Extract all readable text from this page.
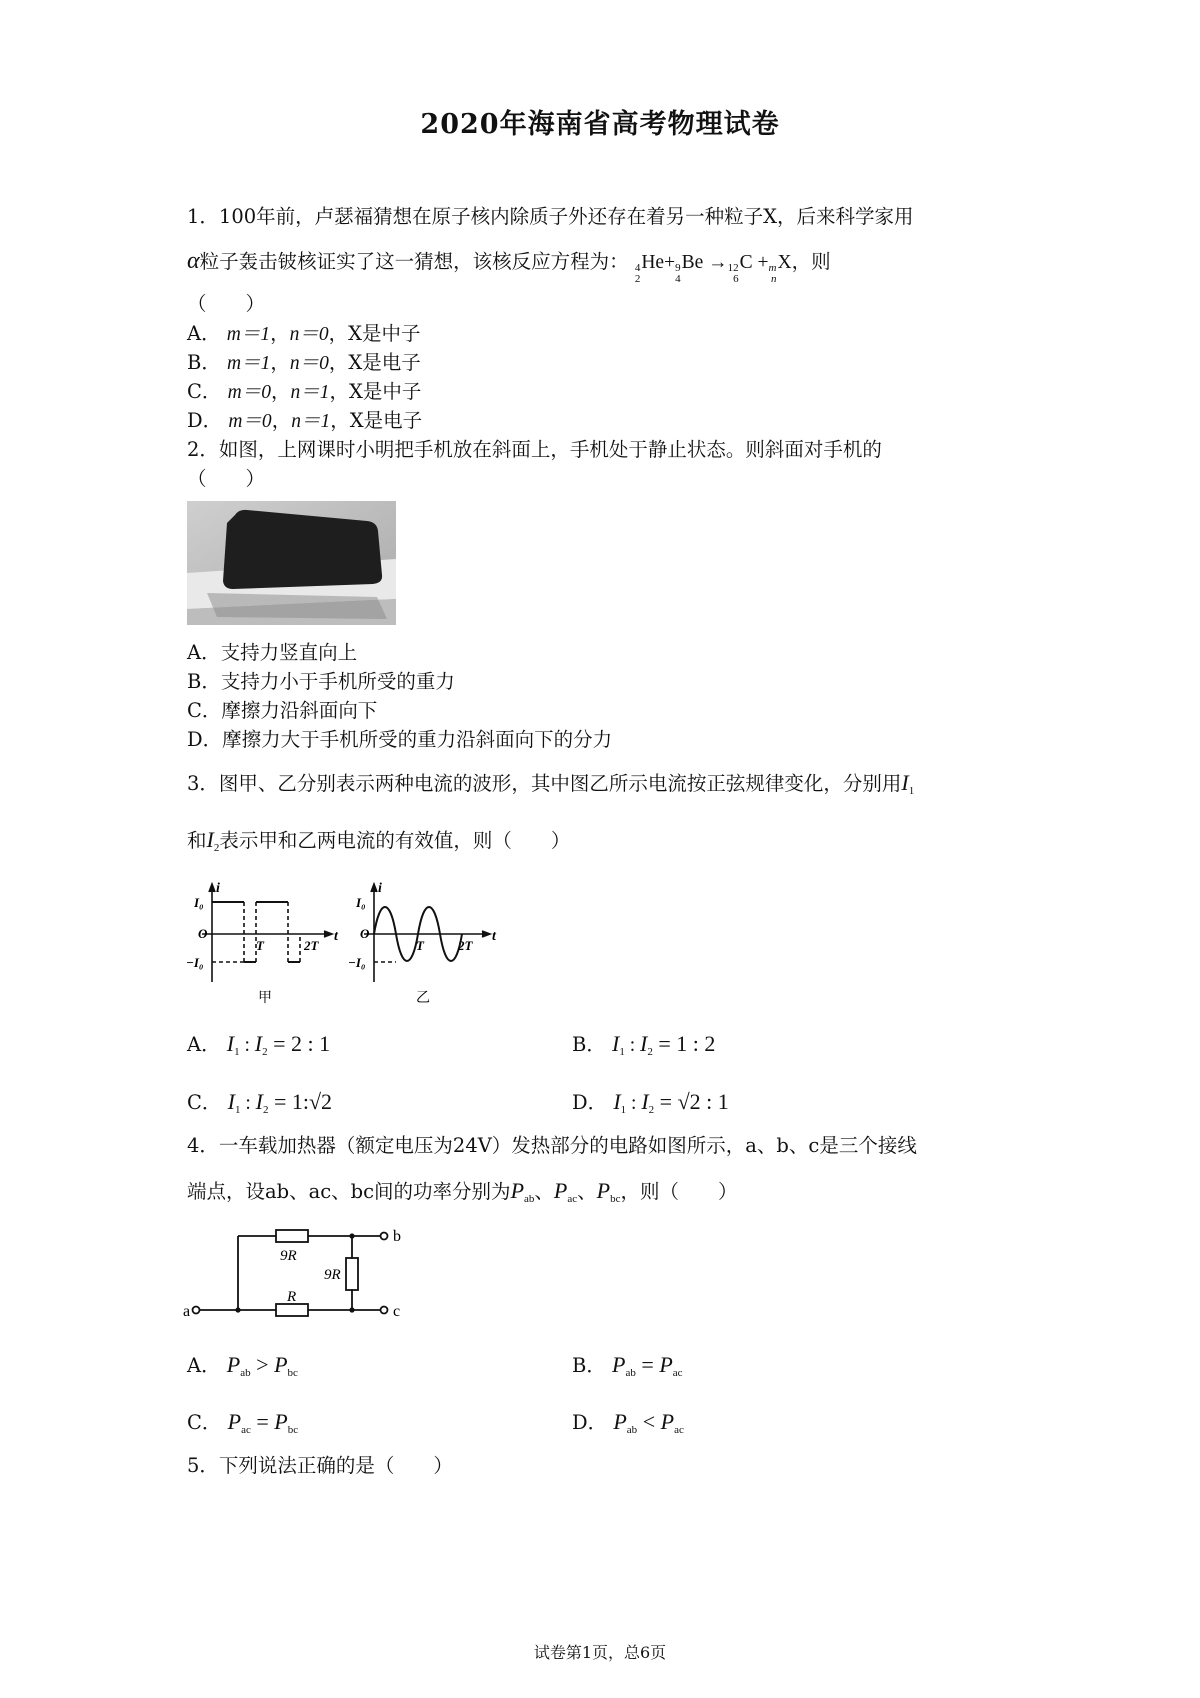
2020年海南省高考物理试卷
1．100年前，卢瑟福猜想在原子核内除质子外还存在着另一种粒子X，后来科学家用
α粒子轰击铍核证实了这一猜想，该核反应方程为： 4
2
He+ 9
4
Be → 12
6
C + m
n
X，则
（　　）
A． m＝1，n＝0，X是中子
B． m＝1，n＝0，X是电子
C． m＝0，n＝1，X是中子
D． m＝0，n＝1，X是电子
2．如图，上网课时小明把手机放在斜面上，手机处于静止状态。则斜面对手机的
（　　）
A．支持力竖直向上
B．支持力小于手机所受的重力
C．摩擦力沿斜面向下
D．摩擦力大于手机所受的重力沿斜面向下的分力
3．图甲、乙分别表示两种电流的波形，其中图乙所示电流按正弦规律变化，分别用$I_1$
和$I_2$表示甲和乙两电流的有效值，则（　　）
i
t
I₀
O
−I₀
T	2T
甲
i
t
I₀
O
−I₀
T	2T
乙
A． $I_1$ : $I_2 = 2$ : 1	B． $I_1$ : $I_2 = 1$ : 2
C． $I_1$ : $I_2$ = 1:√2	D． $I_1$ : $I_2 = √2$ : 1
4．一车载加热器（额定电压为24V）发热部分的电路如图所示，a、b、c是三个接线
端点，设ab、ac、bc间的功率分别为$P_{ab}$、$P_{ac}$、$P_{bc}$，则（　　）
9R
9R
R
b
c
a
A． $P_{ab} > P_{bc}$	B． $P_{ab} = P_{ac}$
C． $P_{ac} = P_{bc}$	D． $P_{ab} < P_{ac}$
5．下列说法正确的是（　　）
试卷第1页，总6页
